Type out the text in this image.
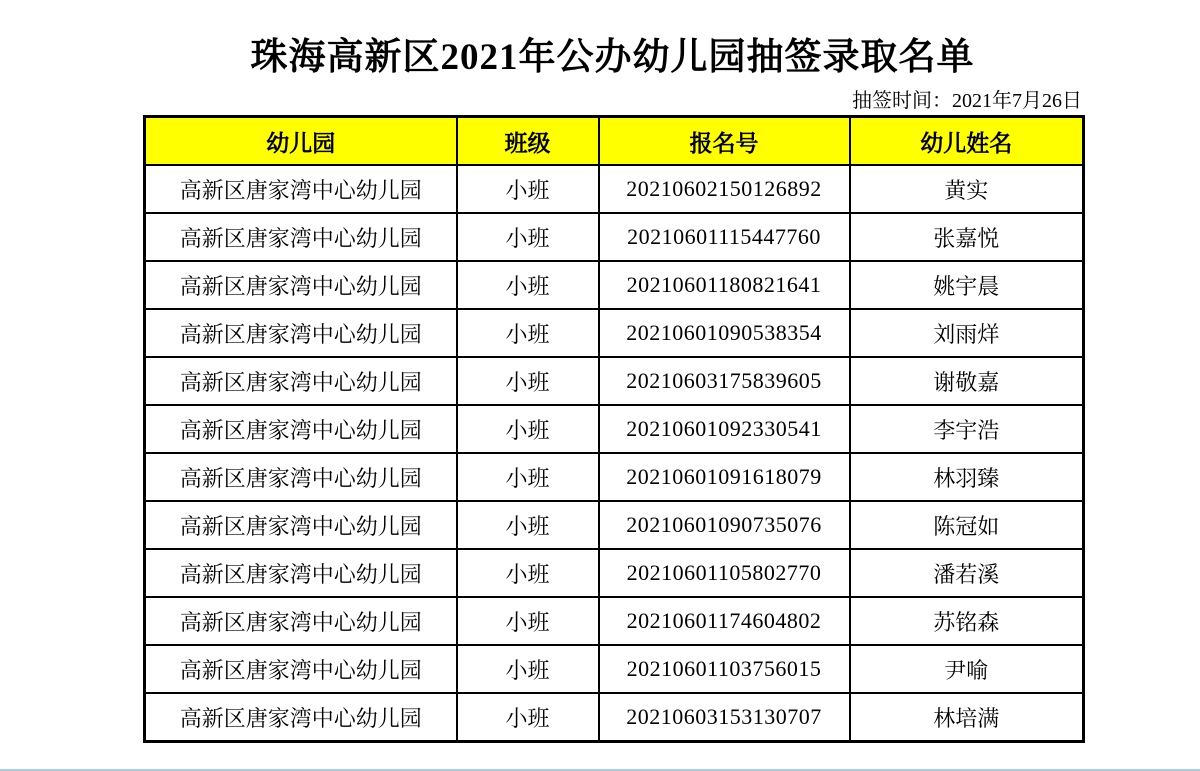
珠海高新区2021年公办幼儿园抽签录取名单
抽签时间：2021年7月26日
幼儿园	班级	报名号	幼儿姓名
高新区唐家湾中心幼儿园	小班	20210602150126892	黄实
高新区唐家湾中心幼儿园	小班	20210601115447760	张嘉悦
高新区唐家湾中心幼儿园	小班	20210601180821641	姚宇晨
高新区唐家湾中心幼儿园	小班	20210601090538354	刘雨烊
高新区唐家湾中心幼儿园	小班	20210603175839605	谢敬嘉
高新区唐家湾中心幼儿园	小班	20210601092330541	李宇浩
高新区唐家湾中心幼儿园	小班	20210601091618079	林羽臻
高新区唐家湾中心幼儿园	小班	20210601090735076	陈冠如
高新区唐家湾中心幼儿园	小班	20210601105802770	潘若溪
高新区唐家湾中心幼儿园	小班	20210601174604802	苏铭森
高新区唐家湾中心幼儿园	小班	20210601103756015	尹喻
高新区唐家湾中心幼儿园	小班	20210603153130707	林培满
